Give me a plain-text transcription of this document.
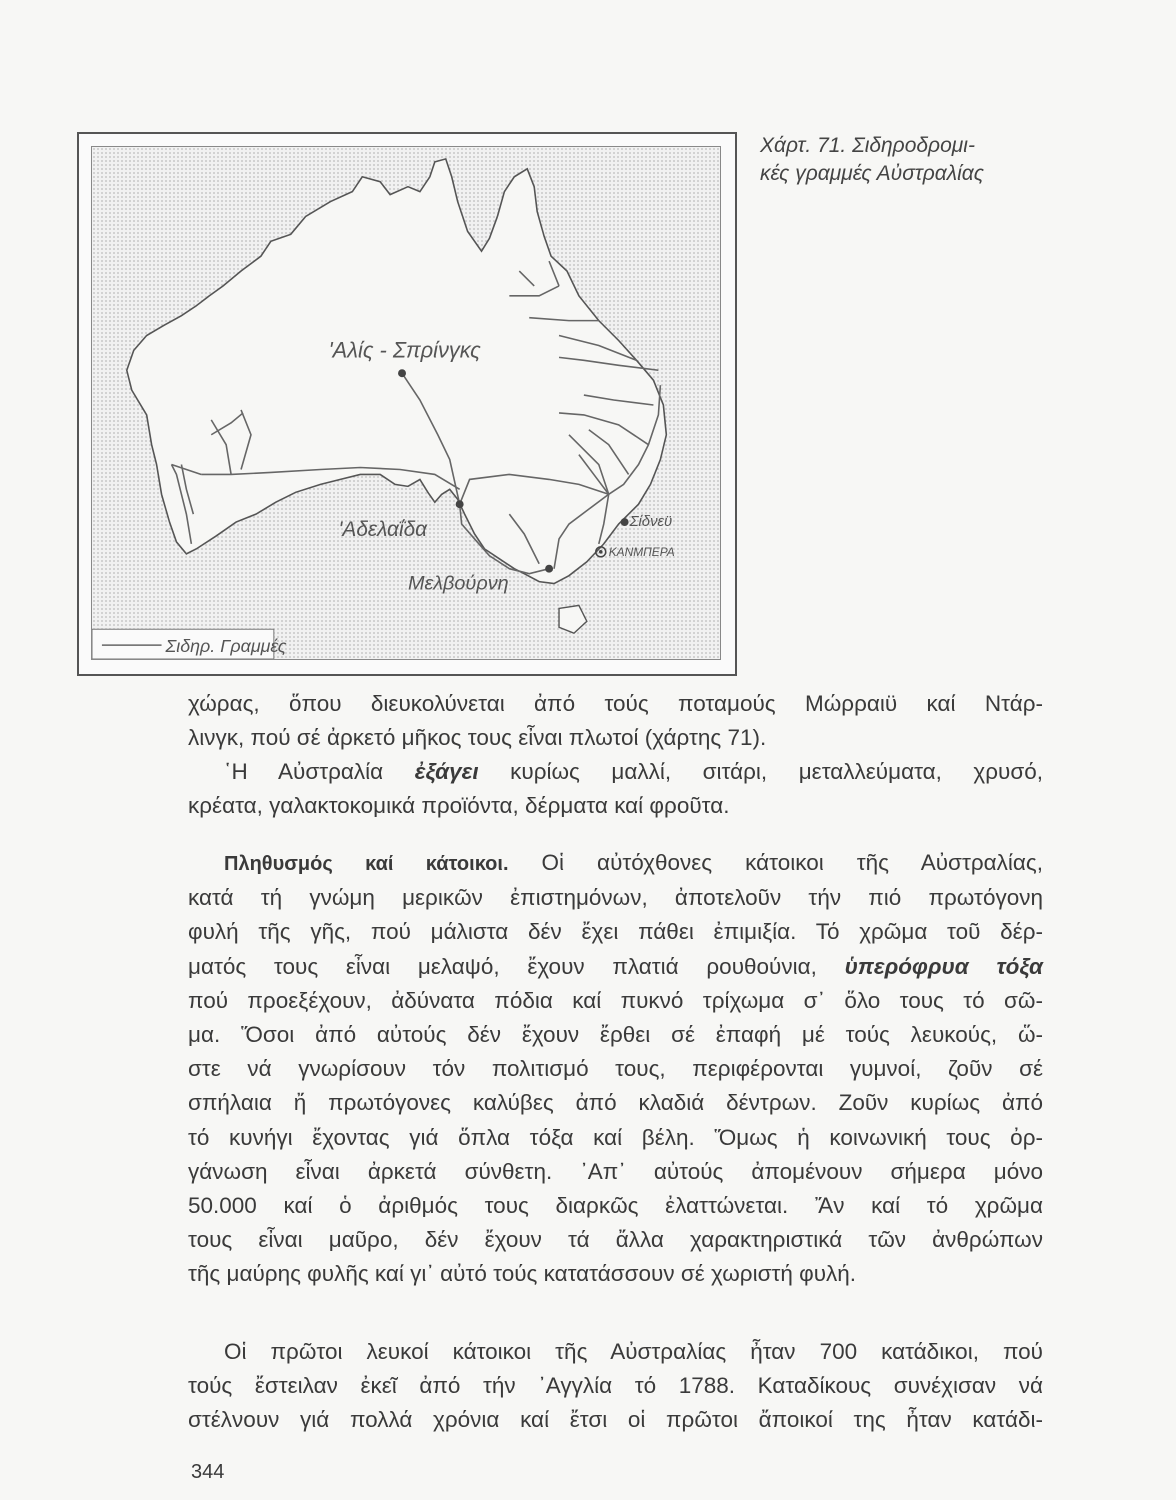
'Αλίς - Σπρίνγκς
'Αδελαΐδα	Σίδνεϋ
ΚΑΝΜΠΕΡΑ
Μελβούρνη
Σιδηρ. Γραμμές
Χάρτ. 71. Σιδηροδρομι-
κές γραμμές Αὐστραλίας
χώρας, ὅπου διευκολύνεται ἀπό τούς ποταμούς Μώρραιϋ καί Ντάρ-
λινγκ, πού σέ ἀρκετό μῆκος τους εἶναι πλωτοί (χάρτης 71).
῾Η Αὐστραλία ἐξάγει κυρίως μαλλί, σιτάρι, μεταλλεύματα, χρυσό,
κρέατα, γαλακτοκομικά προϊόντα, δέρματα καί φροῦτα.
Πληθυσμός καί κάτοικοι. Οἱ αὐτόχθονες κάτοικοι τῆς Αὐστραλίας,
κατά τή γνώμη μερικῶν ἐπιστημόνων, ἀποτελοῦν τήν πιό πρωτόγονη
φυλή τῆς γῆς, πού μάλιστα δέν ἔχει πάθει ἐπιμιξία. Τό χρῶμα τοῦ δέρ-
ματός τους εἶναι μελαψό, ἔχουν πλατιά ρουθούνια, ὑπερόφρυα τόξα
πού προεξέχουν, ἀδύνατα πόδια καί πυκνό τρίχωμα σ᾿ ὅλο τους τό σῶ-
μα. Ὅσοι ἀπό αὐτούς δέν ἔχουν ἔρθει σέ ἐπαφή μέ τούς λευκούς, ὥ-
στε νά γνωρίσουν τόν πολιτισμό τους, περιφέρονται γυμνοί, ζοῦν σέ
σπήλαια ἤ πρωτόγονες καλύβες ἀπό κλαδιά δέντρων. Ζοῦν κυρίως ἀπό
τό κυνήγι ἔχοντας γιά ὅπλα τόξα καί βέλη. Ὅμως ἡ κοινωνική τους ὀρ-
γάνωση εἶναι ἀρκετά σύνθετη. ᾿Απ᾿ αὐτούς ἀπομένουν σήμερα μόνο
50.000 καί ὁ ἀριθμός τους διαρκῶς ἐλαττώνεται. Ἄν καί τό χρῶμα
τους εἶναι μαῦρο, δέν ἔχουν τά ἄλλα χαρακτηριστικά τῶν ἀνθρώπων
τῆς μαύρης φυλῆς καί γι᾿ αὐτό τούς κατατάσσουν σέ χωριστή φυλή.
Οἱ πρῶτοι λευκοί κάτοικοι τῆς Αὐστραλίας ἦταν 700 κατάδικοι, πού
τούς ἔστειλαν ἐκεῖ ἀπό τήν ᾿Αγγλία τό 1788. Καταδίκους συνέχισαν νά
στέλνουν γιά πολλά χρόνια καί ἔτσι οἱ πρῶτοι ἄποικοί της ἦταν κατάδι-
344
